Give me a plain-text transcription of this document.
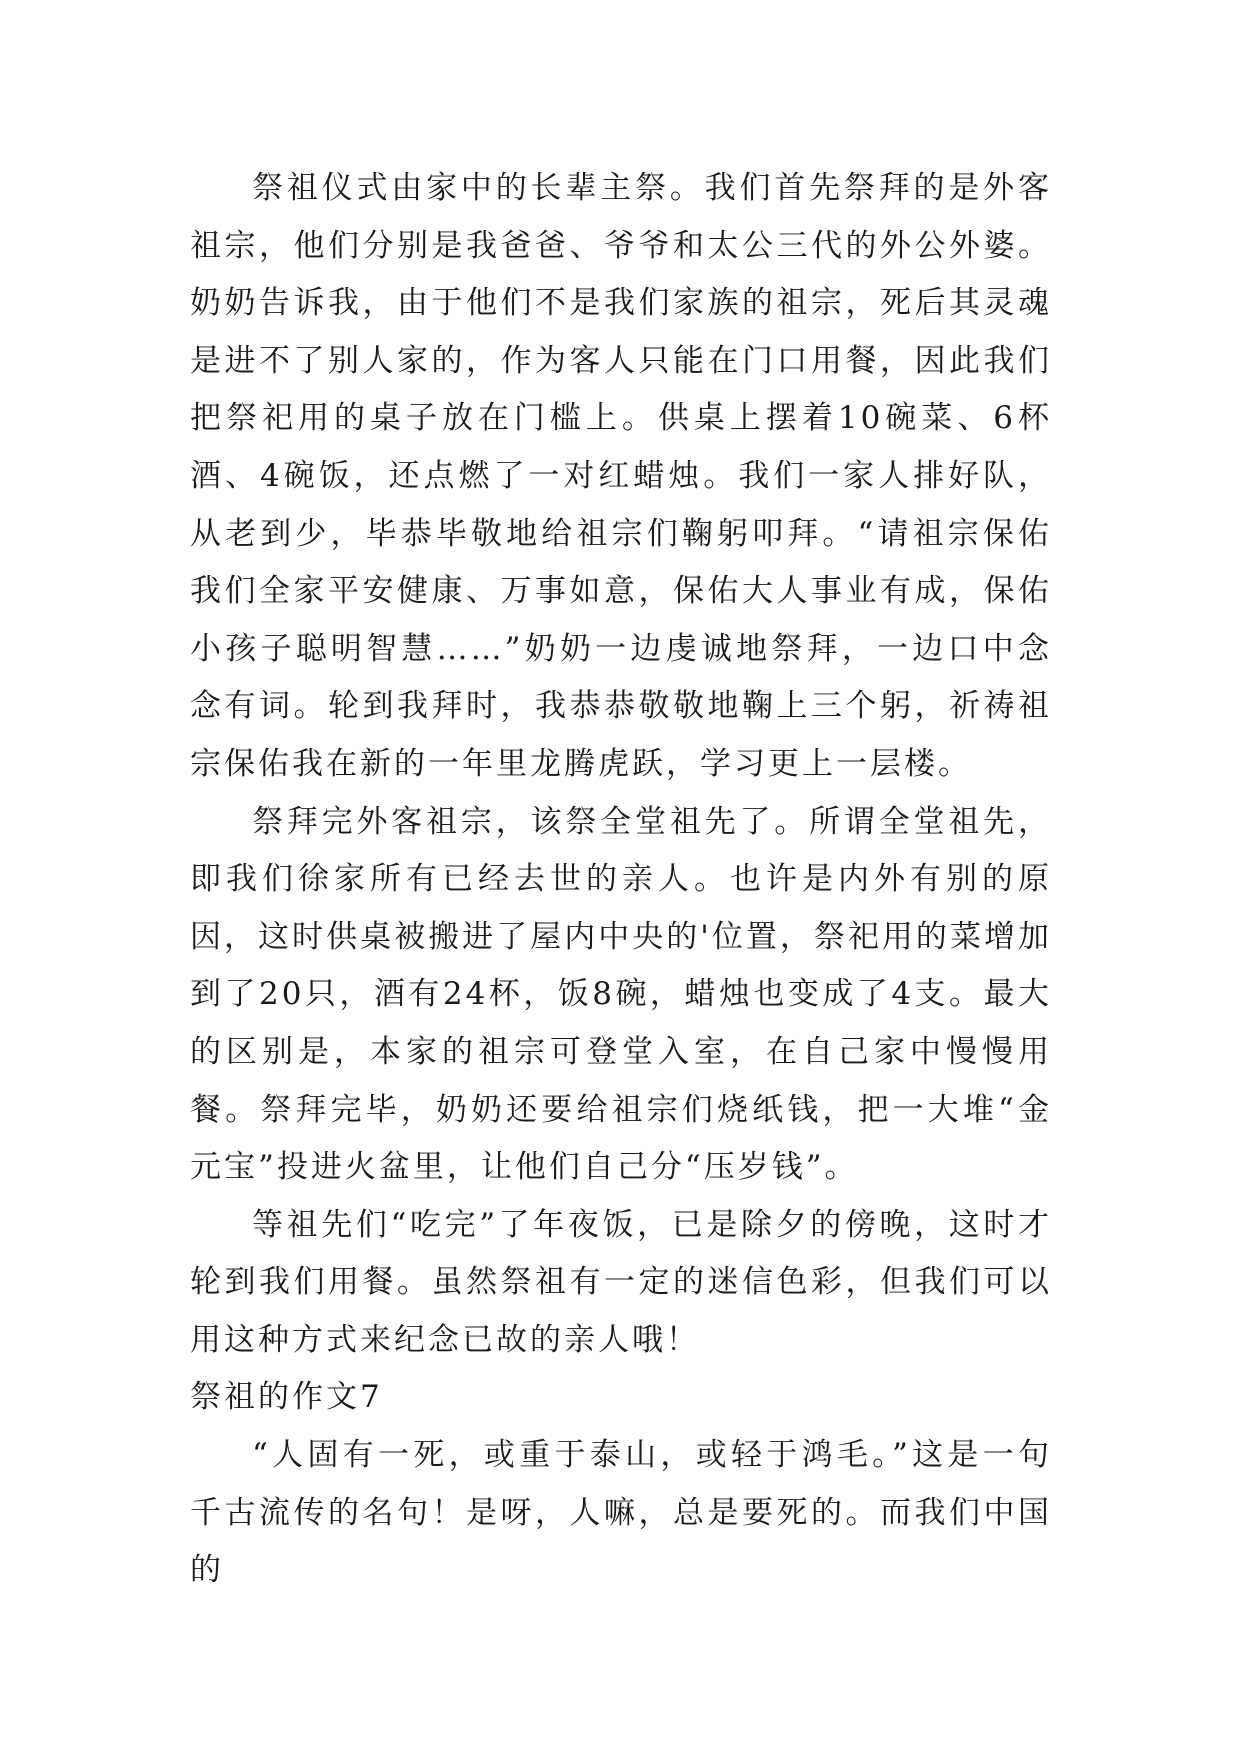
祭祖仪式由家中的长辈主祭。我们首先祭拜的是外客祖宗，他们分别是我爸爸、爷爷和太公三代的外公外婆。奶奶告诉我，由于他们不是我们家族的祖宗，死后其灵魂是进不了别人家的，作为客人只能在门口用餐，因此我们把祭祀用的桌子放在门槛上。供桌上摆着10碗菜、6杯酒、4碗饭，还点燃了一对红蜡烛。我们一家人排好队，从老到少，毕恭毕敬地给祖宗们鞠躬叩拜。“请祖宗保佑我们全家平安健康、万事如意，保佑大人事业有成，保佑小孩子聪明智慧……”奶奶一边虔诚地祭拜，一边口中念念有词。轮到我拜时，我恭恭敬敬地鞠上三个躬，祈祷祖宗保佑我在新的一年里龙腾虎跃，学习更上一层楼。

祭拜完外客祖宗，该祭全堂祖先了。所谓全堂祖先，即我们徐家所有已经去世的亲人。也许是内外有别的原因，这时供桌被搬进了屋内中央的'位置，祭祀用的菜增加到了20只，酒有24杯，饭8碗，蜡烛也变成了4支。最大的区别是，本家的祖宗可登堂入室，在自己家中慢慢用餐。祭拜完毕，奶奶还要给祖宗们烧纸钱，把一大堆“金元宝”投进火盆里，让他们自己分“压岁钱”。

等祖先们“吃完”了年夜饭，已是除夕的傍晚，这时才轮到我们用餐。虽然祭祖有一定的迷信色彩，但我们可以用这种方式来纪念已故的亲人哦！

祭祖的作文7

“人固有一死，或重于泰山，或轻于鸿毛。”这是一句千古流传的名句！是呀，人嘛，总是要死的。而我们中国的
